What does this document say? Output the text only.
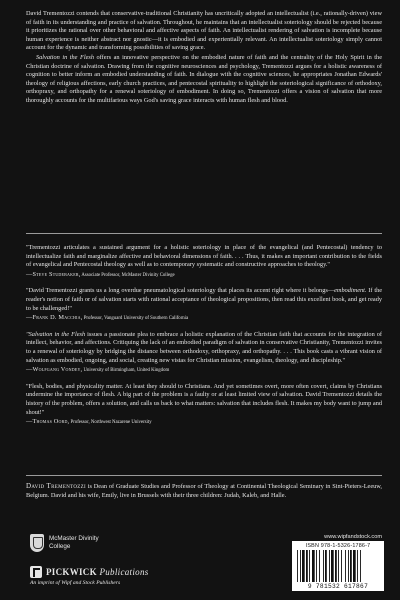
David Trementozzi contends that conservative-traditional Christianity has uncritically adopted an intellectualist (i.e., rationally-driven) view of faith in its understanding and practice of salvation. Throughout, he maintains that an intellectualist soteriology should be rejected because it prioritizes the rational over other behavioral and affective aspects of faith. An intellectualist rendering of salvation is incomplete because human experience is neither abstract nor gnostic—it is embodied and experientially relevant. An intellectualist soteriology simply cannot account for the dynamic and transforming possibilities of saving grace.

Salvation in the Flesh offers an innovative perspective on the embodied nature of faith and the centrality of the Holy Spirit in the Christian doctrine of salvation. Drawing from the cognitive neurosciences and psychology, Trementozzi argues for a holistic awareness of cognition to better inform an embodied understanding of faith. In dialogue with the cognitive sciences, he appropriates Jonathan Edwards' theology of religious affections, early church practices, and pentecostal spirituality to highlight the soteriological significance of orthodoxy, orthopraxy, and orthopathy for a renewal soteriology of embodiment. In doing so, Trementozzi offers a vision of salvation that more thoroughly accounts for the multifarious ways God's saving grace interacts with human flesh and blood.

"Trementozzi articulates a sustained argument for a holistic soteriology in place of the evangelical (and Pentecostal) tendency to intellectualize faith and marginalize affective and behavioral dimensions of faith. . . . Thus, it makes an important contribution to the fields of evangelical and Pentecostal theology as well as to contemporary systematic and constructive approaches to theology."
—Steve Studebaker, Associate Professor, McMaster Divinity College
"David Trementozzi grants us a long overdue pneumatological soteriology that places its accent right where it belongs—embodiment. If the reader's notion of faith or of salvation starts with rational acceptance of theological propositions, then read this excellent book, and get ready to be challenged!"
—Frank D. Macchia, Professor, Vanguard University of Southern California
"Salvation in the Flesh issues a passionate plea to embrace a holistic explanation of the Christian faith that accounts for the integration of intellect, behavior, and affections. Critiquing the lack of an embodied paradigm of salvation in conservative Christianity, Trementozzi invites to a renewal of soteriology by bridging the distance between orthodoxy, orthopraxy, and orthopathy. . . . This book casts a vibrant vision of salvation as embodied, ongoing, and social, creating new vistas for Christian mission, evangelism, theology, and discipleship."
—Wolfgang Vondey, University of Birmingham, United Kingdom
"Flesh, bodies, and physicality matter. At least they should to Christians. And yet sometimes overt, more often covert, claims by Christians undermine the importance of flesh. A big part of the problem is a faulty or at least limited view of salvation. David Trementozzi details the history of the problem, offers a solution, and calls us back to what matters: salvation that includes flesh. It makes my body want to jump and shout!"
—Thomas Oord, Professor, Northwest Nazarene University
David Trementozzi is Dean of Graduate Studies and Professor of Theology at Continental Theological Seminary in Sint-Pieters-Leeuw, Belgium. David and his wife, Emily, live in Brussels with their three children: Judah, Kaleb, and Halle.
McMaster Divinity
College
PICKWICK Publications
An imprint of Wipf and Stock Publishers
www.wipfandstock.com
ISBN 978-1-5326-1786-7
9 781532 617867
